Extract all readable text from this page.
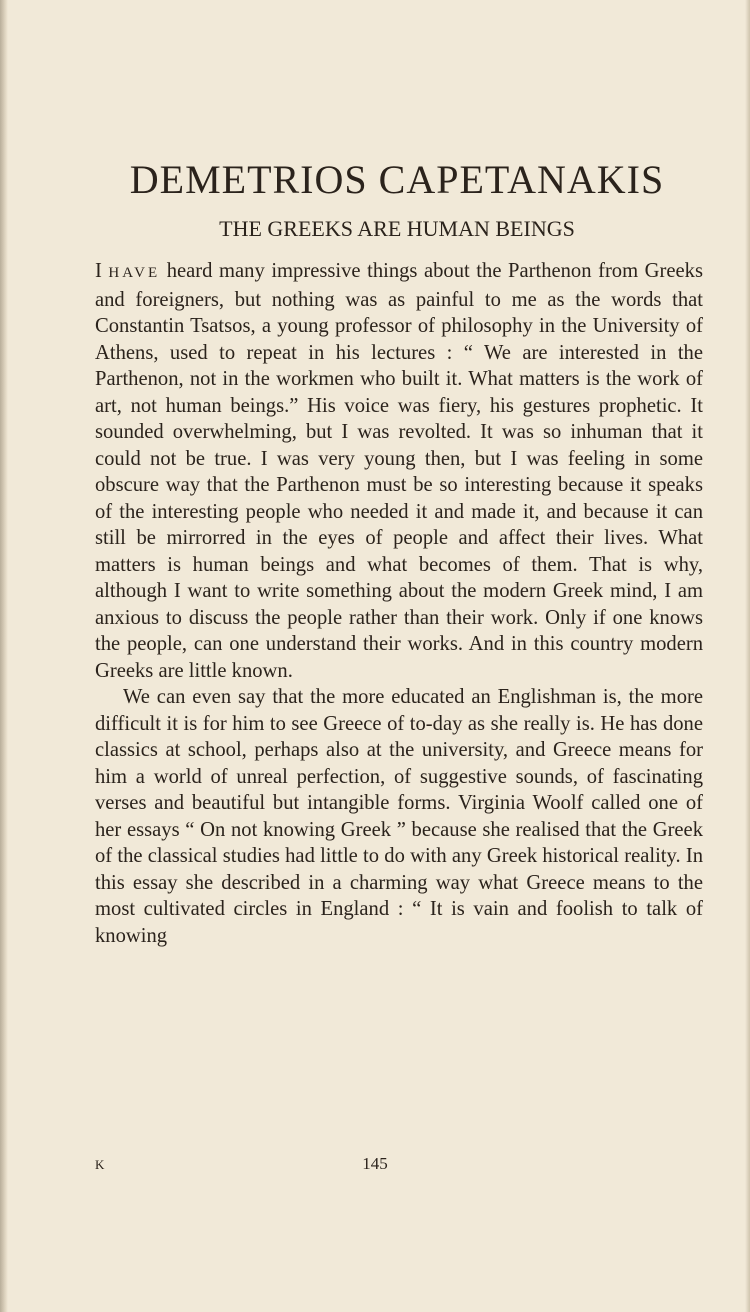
DEMETRIOS CAPETANAKIS
THE GREEKS ARE HUMAN BEINGS

I HAVE heard many impressive things about the Parthenon from Greeks and foreigners, but nothing was as painful to me as the words that Constantin Tsatsos, a young professor of philosophy in the University of Athens, used to repeat in his lectures : “ We are interested in the Parthenon, not in the workmen who built it. What matters is the work of art, not human beings.” His voice was fiery, his gestures prophetic. It sounded overwhelming, but I was revolted. It was so inhuman that it could not be true. I was very young then, but I was feeling in some obscure way that the Parthenon must be so interesting because it speaks of the interesting people who needed it and made it, and because it can still be mirrorred in the eyes of people and affect their lives. What matters is human beings and what becomes of them. That is why, although I want to write something about the modern Greek mind, I am anxious to discuss the people rather than their work. Only if one knows the people, can one understand their works. And in this country modern Greeks are little known.

We can even say that the more educated an Englishman is, the more difficult it is for him to see Greece of to-day as she really is. He has done classics at school, perhaps also at the university, and Greece means for him a world of unreal perfection, of suggestive sounds, of fascinating verses and beautiful but intangible forms. Virginia Woolf called one of her essays “ On not knowing Greek ” because she realised that the Greek of the classical studies had little to do with any Greek historical reality. In this essay she described in a charming way what Greece means to the most cultivated circles in England : “ It is vain and foolish to talk of knowing

K	145
